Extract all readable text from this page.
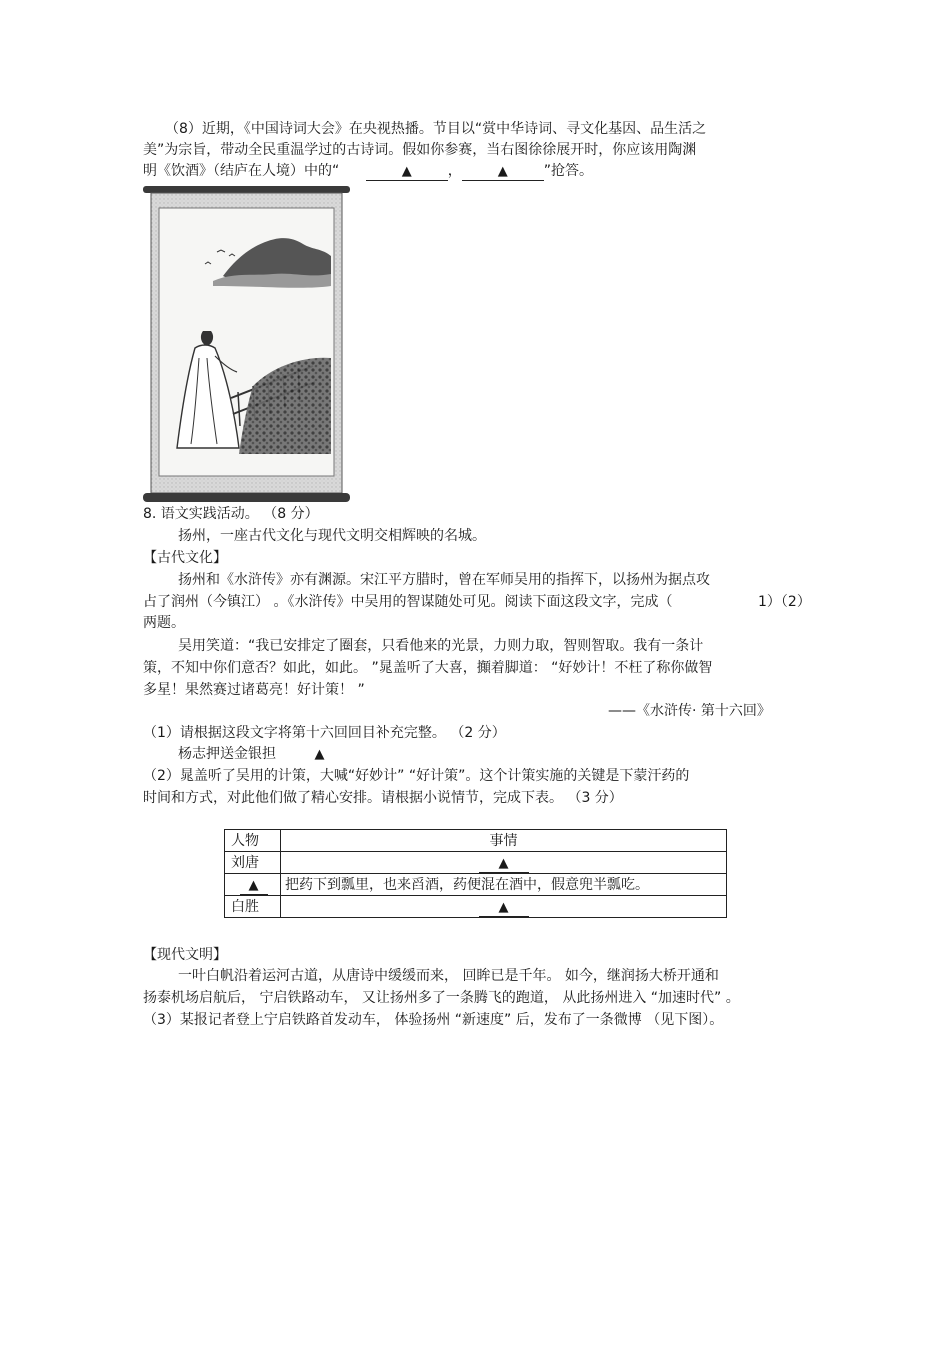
（8）近期，《中国诗词大会》在央视热播。节目以“赏中华诗词、寻文化基因、品生活之
美”为宗旨，带动全民重温学过的古诗词。假如你参赛，当右图徐徐展开时，你应该用陶渊
明《饮酒》（结庐在人境）中的“	▲	，	▲	”抢答。
8. 语文实践活动。 （8 分）
扬州，一座古代文化与现代文明交相辉映的名城。
【古代文化】
扬州和《水浒传》亦有渊源。宋江平方腊时，曾在军师吴用的指挥下，以扬州为据点攻
占了润州（今镇江） 。《水浒传》中吴用的智谋随处可见。阅读下面这段文字，完成（	1）（2）
两题。
吴用笑道：“我已安排定了圈套，只看他来的光景，力则力取，智则智取。我有一条计
策，不知中你们意否？如此，如此。 ”晁盖听了大喜，攧着脚道： “好妙计！不枉了称你做智
多星！果然赛过诸葛亮！好计策！ ”
——《水浒传· 第十六回》
（1）请根据这段文字将第十六回回目补充完整。 （2 分）
杨志押送金银担	▲
（2）晁盖听了吴用的计策，大喊“好妙计” “好计策”。这个计策实施的关键是下蒙汗药的
时间和方式，对此他们做了精心安排。请根据小说情节，完成下表。 （3 分）
人物	事情
刘唐	▲
▲	把药下到瓢里，也来舀酒，药便混在酒中，假意兜半瓢吃。
白胜	▲
【现代文明】
一叶白帆沿着运河古道，从唐诗中缓缓而来， 回眸已是千年。 如今，继润扬大桥开通和
扬泰机场启航后， 宁启铁路动车， 又让扬州多了一条腾飞的跑道， 从此扬州进入 “加速时代” 。
（3）某报记者登上宁启铁路首发动车， 体验扬州 “新速度” 后，发布了一条微博 （见下图）。
